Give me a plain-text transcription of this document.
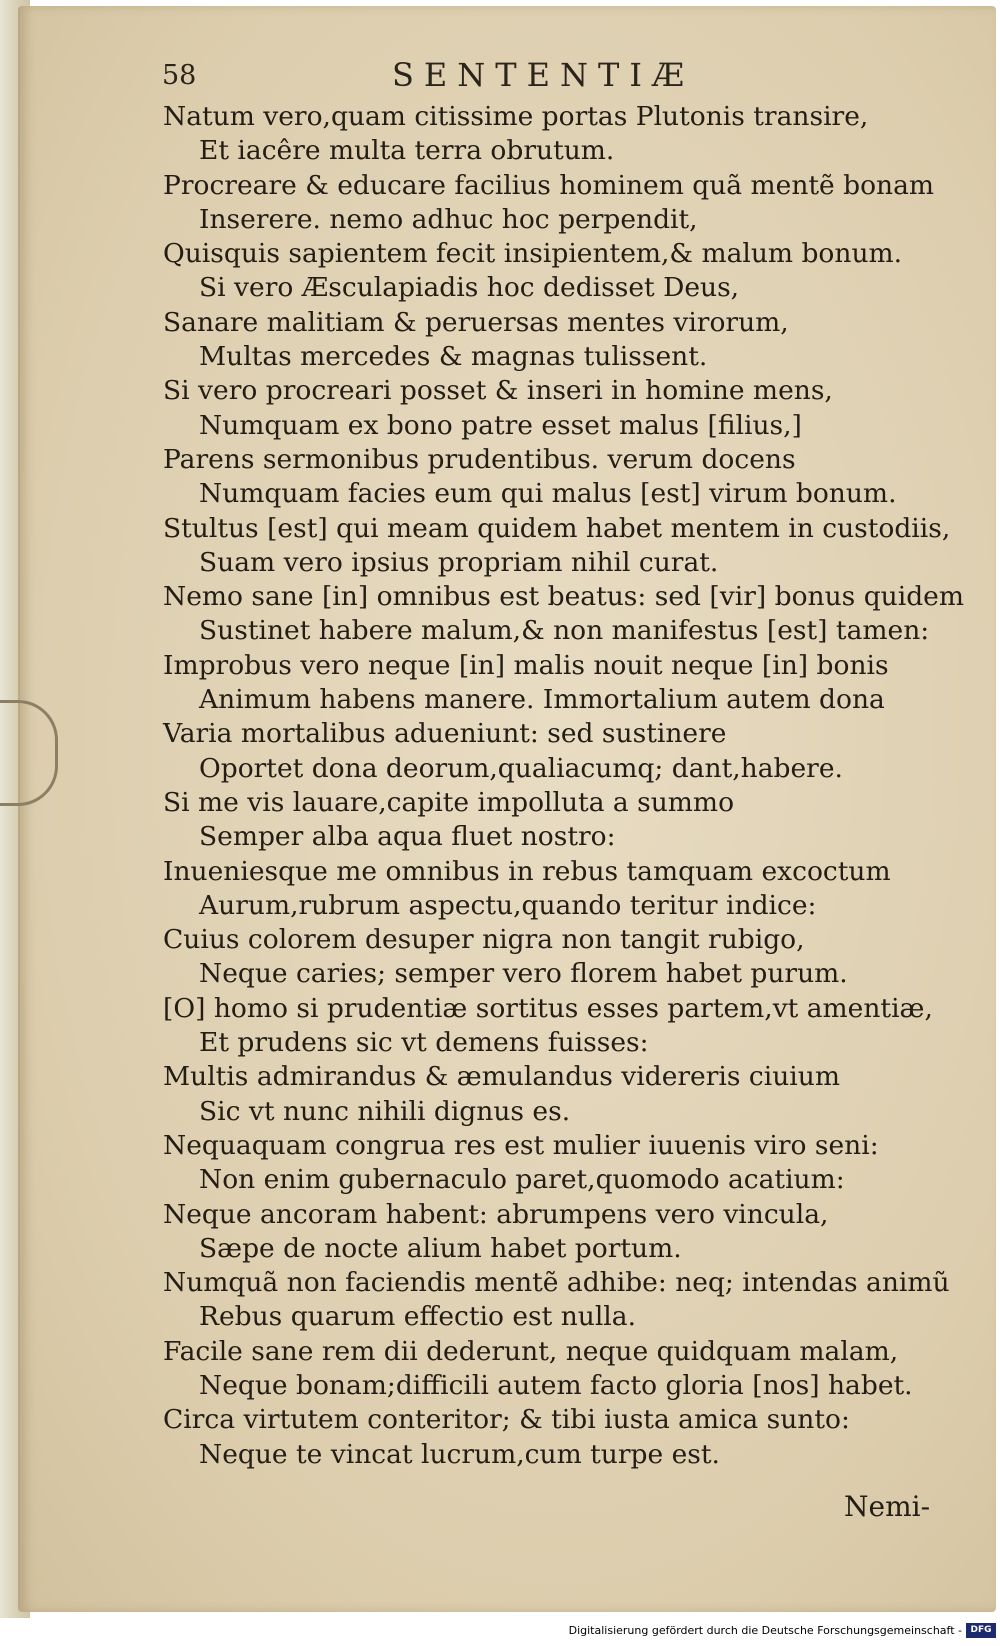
58	SENTENTIÆ
Natum vero,quam citissime portas Plutonis transire,
Et iacêre multa terra obrutum.
Procreare & educare facilius hominem quã mentẽ bonam
Inserere. nemo adhuc hoc perpendit,
Quisquis sapientem fecit insipientem,& malum bonum.
Si vero Æsculapiadis hoc dedisset Deus,
Sanare malitiam & peruersas mentes virorum,
Multas mercedes & magnas tulissent.
Si vero procreari posset & inseri in homine mens,
Numquam ex bono patre esset malus [filius,]
Parens sermonibus prudentibus. verum docens
Numquam facies eum qui malus [est] virum bonum.
Stultus [est] qui meam quidem habet mentem in custodiis,
Suam vero ipsius propriam nihil curat.
Nemo sane [in] omnibus est beatus: sed [vir] bonus quidem
Sustinet habere malum,& non manifestus [est] tamen:
Improbus vero neque [in] malis nouit neque [in] bonis
Animum habens manere. Immortalium autem dona
Varia mortalibus adueniunt: sed sustinere
Oportet dona deorum,qualiacumq; dant,habere.
Si me vis lauare,capite impolluta a summo
Semper alba aqua fluet nostro:
Inueniesque me omnibus in rebus tamquam excoctum
Aurum,rubrum aspectu,quando teritur indice:
Cuius colorem desuper nigra non tangit rubigo,
Neque caries; semper vero florem habet purum.
[O] homo si prudentiæ sortitus esses partem,vt amentiæ,
Et prudens sic vt demens fuisses:
Multis admirandus & æmulandus videreris ciuium
Sic vt nunc nihili dignus es.
Nequaquam congrua res est mulier iuuenis viro seni:
Non enim gubernaculo paret,quomodo acatium:
Neque ancoram habent: abrumpens vero vincula,
Sæpe de nocte alium habet portum.
Numquã non faciendis mentẽ adhibe: neq; intendas animũ
Rebus quarum effectio est nulla.
Facile sane rem dii dederunt, neque quidquam malam,
Neque bonam;difficili autem facto gloria [nos] habet.
Circa virtutem conteritor; & tibi iusta amica sunto:
Neque te vincat lucrum,cum turpe est.
Nemi-
Digitalisierung gefördert durch die Deutsche Forschungsgemeinschaft - DFG
